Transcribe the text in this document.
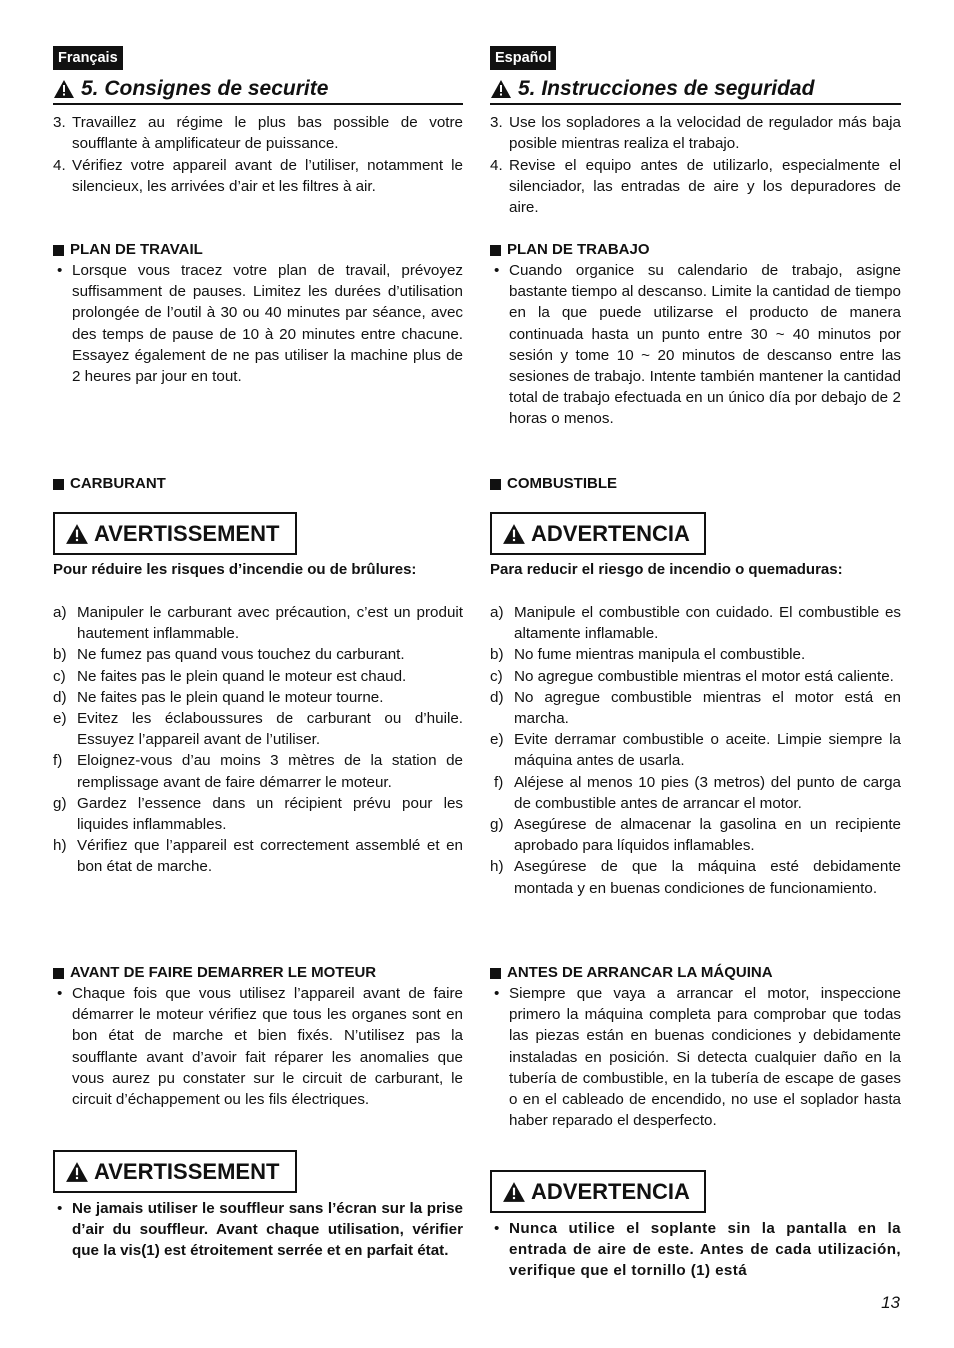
Français
5. Consignes de securite
3. Travaillez au régime le plus bas possible de votre soufflante à amplificateur de puissance.
4. Vérifiez votre appareil avant de l’utiliser, notamment le silencieux, les arrivées d’air et les filtres à air.
PLAN DE TRAVAIL
• Lorsque vous tracez votre plan de travail, prévoyez suffisamment de pauses. Limitez les durées d’utilisation prolongée de l’outil à 30 ou 40 minutes par séance, avec des temps de pause de 10 à 20 minutes entre chacune. Essayez également de ne pas utiliser la machine plus de 2 heures par jour en tout.
CARBURANT
AVERTISSEMENT
Pour réduire les risques d’incendie ou de brûlures:
a) Manipuler le carburant avec précaution, c’est un produit hautement inflammable.
b) Ne fumez pas quand vous touchez du carburant.
c) Ne faites pas le plein quand le moteur est chaud.
d) Ne faites pas le plein quand le moteur tourne.
e) Evitez les éclaboussures de carburant ou d’huile. Essuyez l’appareil avant de l’utiliser.
f) Eloignez-vous d’au moins 3 mètres de la station de remplissage avant de faire démarrer le moteur.
g) Gardez l’essence dans un récipient prévu pour les liquides inflammables.
h) Vérifiez que l’appareil est correctement assemblé et en bon état de marche.
AVANT DE FAIRE DEMARRER LE MOTEUR
• Chaque fois que vous utilisez l’appareil avant de faire démarrer le moteur vérifiez que tous les organes sont en bon état de marche et bien fixés. N’utilisez pas la soufflante avant d’avoir fait réparer les anomalies que vous aurez pu constater sur le circuit de carburant, le circuit d’échappement ou les fils électriques.
AVERTISSEMENT
• Ne jamais utiliser le souffleur sans l’écran sur la prise d’air du souffleur. Avant chaque utilisation, vérifier que la vis(1) est étroitement serrée et en parfait état.
Español
5. Instrucciones de seguridad
3. Use los sopladores a la velocidad de regulador más baja posible mientras realiza el trabajo.
4. Revise el equipo antes de utilizarlo, especialmente el silenciador, las entradas de aire y los depuradores de aire.
PLAN DE TRABAJO
• Cuando organice su calendario de trabajo, asigne bastante tiempo al descanso. Limite la cantidad de tiempo en la que puede utilizarse el producto de manera continuada hasta un punto entre 30 ~ 40 minutos por sesión y tome 10 ~ 20 minutos de descanso entre las sesiones de trabajo. Intente también mantener la cantidad total de trabajo efectuada en un único día por debajo de 2 horas o menos.
COMBUSTIBLE
ADVERTENCIA
Para reducir el riesgo de incendio o quemaduras:
a) Manipule el combustible con cuidado. El combustible es altamente inflamable.
b) No fume mientras manipula el combustible.
c) No agregue combustible mientras el motor está caliente.
d) No agregue combustible mientras el motor está en marcha.
e) Evite derramar combustible o aceite. Limpie siempre la máquina antes de usarla.
f) Aléjese al menos 10 pies (3 metros) del punto de carga de combustible antes de arrancar el motor.
g) Asegúrese de almacenar la gasolina en un recipiente aprobado para líquidos inflamables.
h) Asegúrese de que la máquina esté debidamente montada y en buenas condiciones de funcionamiento.
ANTES DE ARRANCAR LA MÁQUINA
• Siempre que vaya a arrancar el motor, inspeccione primero la máquina completa para comprobar que todas las piezas están en buenas condiciones y debidamente instaladas en posición. Si detecta cualquier daño en la tubería de combustible, en la tubería de escape de gases o en el cableado de encendido, no use el soplador hasta haber reparado el desperfecto.
ADVERTENCIA
• Nunca utilice el soplante sin la pantalla en la entrada de aire de este. Antes de cada utilización, verifique que el tornillo (1) está
13
